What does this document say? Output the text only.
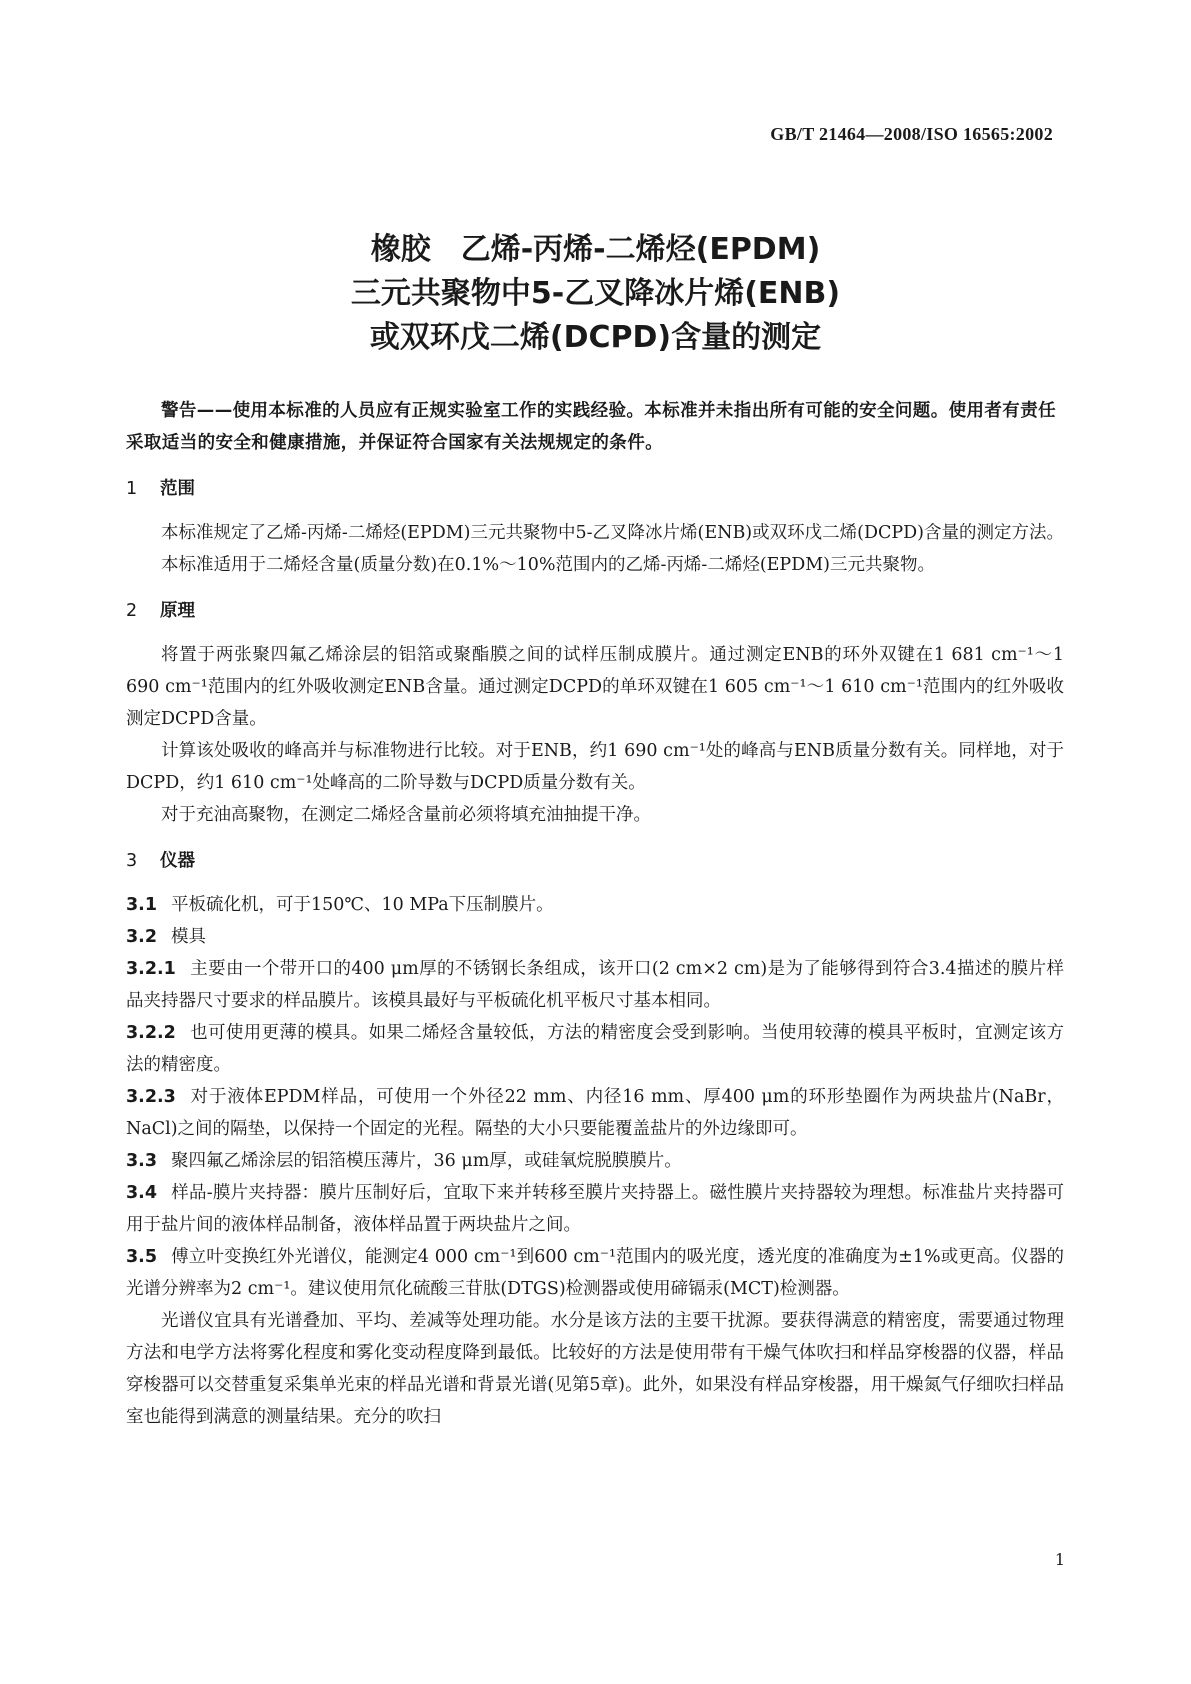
GB/T 21464—2008/ISO 16565:2002
橡胶　乙烯-丙烯-二烯烃(EPDM)
三元共聚物中5-乙叉降冰片烯(ENB)
或双环戊二烯(DCPD)含量的测定
警告——使用本标准的人员应有正规实验室工作的实践经验。本标准并未指出所有可能的安全问题。使用者有责任采取适当的安全和健康措施，并保证符合国家有关法规规定的条件。
1 范围
本标准规定了乙烯-丙烯-二烯烃(EPDM)三元共聚物中5-乙叉降冰片烯(ENB)或双环戊二烯(DCPD)含量的测定方法。
本标准适用于二烯烃含量(质量分数)在0.1%～10%范围内的乙烯-丙烯-二烯烃(EPDM)三元共聚物。
2 原理
将置于两张聚四氟乙烯涂层的铝箔或聚酯膜之间的试样压制成膜片。通过测定ENB的环外双键在1 681 cm⁻¹～1 690 cm⁻¹范围内的红外吸收测定ENB含量。通过测定DCPD的单环双键在1 605 cm⁻¹～1 610 cm⁻¹范围内的红外吸收测定DCPD含量。
计算该处吸收的峰高并与标准物进行比较。对于ENB，约1 690 cm⁻¹处的峰高与ENB质量分数有关。同样地，对于DCPD，约1 610 cm⁻¹处峰高的二阶导数与DCPD质量分数有关。
对于充油高聚物，在测定二烯烃含量前必须将填充油抽提干净。
3 仪器
3.1 平板硫化机，可于150℃、10 MPa下压制膜片。
3.2 模具
3.2.1 主要由一个带开口的400 μm厚的不锈钢长条组成，该开口(2 cm×2 cm)是为了能够得到符合3.4描述的膜片样品夹持器尺寸要求的样品膜片。该模具最好与平板硫化机平板尺寸基本相同。
3.2.2 也可使用更薄的模具。如果二烯烃含量较低，方法的精密度会受到影响。当使用较薄的模具平板时，宜测定该方法的精密度。
3.2.3 对于液体EPDM样品，可使用一个外径22 mm、内径16 mm、厚400 μm的环形垫圈作为两块盐片(NaBr，NaCl)之间的隔垫，以保持一个固定的光程。隔垫的大小只要能覆盖盐片的外边缘即可。
3.3 聚四氟乙烯涂层的铝箔模压薄片，36 μm厚，或硅氧烷脱膜膜片。
3.4 样品-膜片夹持器：膜片压制好后，宜取下来并转移至膜片夹持器上。磁性膜片夹持器较为理想。标准盐片夹持器可用于盐片间的液体样品制备，液体样品置于两块盐片之间。
3.5 傅立叶变换红外光谱仪，能测定4 000 cm⁻¹到600 cm⁻¹范围内的吸光度，透光度的准确度为±1%或更高。仪器的光谱分辨率为2 cm⁻¹。建议使用氘化硫酸三苷肽(DTGS)检测器或使用碲镉汞(MCT)检测器。
光谱仪宜具有光谱叠加、平均、差减等处理功能。水分是该方法的主要干扰源。要获得满意的精密度，需要通过物理方法和电学方法将雾化程度和雾化变动程度降到最低。比较好的方法是使用带有干燥气体吹扫和样品穿梭器的仪器，样品穿梭器可以交替重复采集单光束的样品光谱和背景光谱(见第5章)。此外，如果没有样品穿梭器，用干燥氮气仔细吹扫样品室也能得到满意的测量结果。充分的吹扫
1
